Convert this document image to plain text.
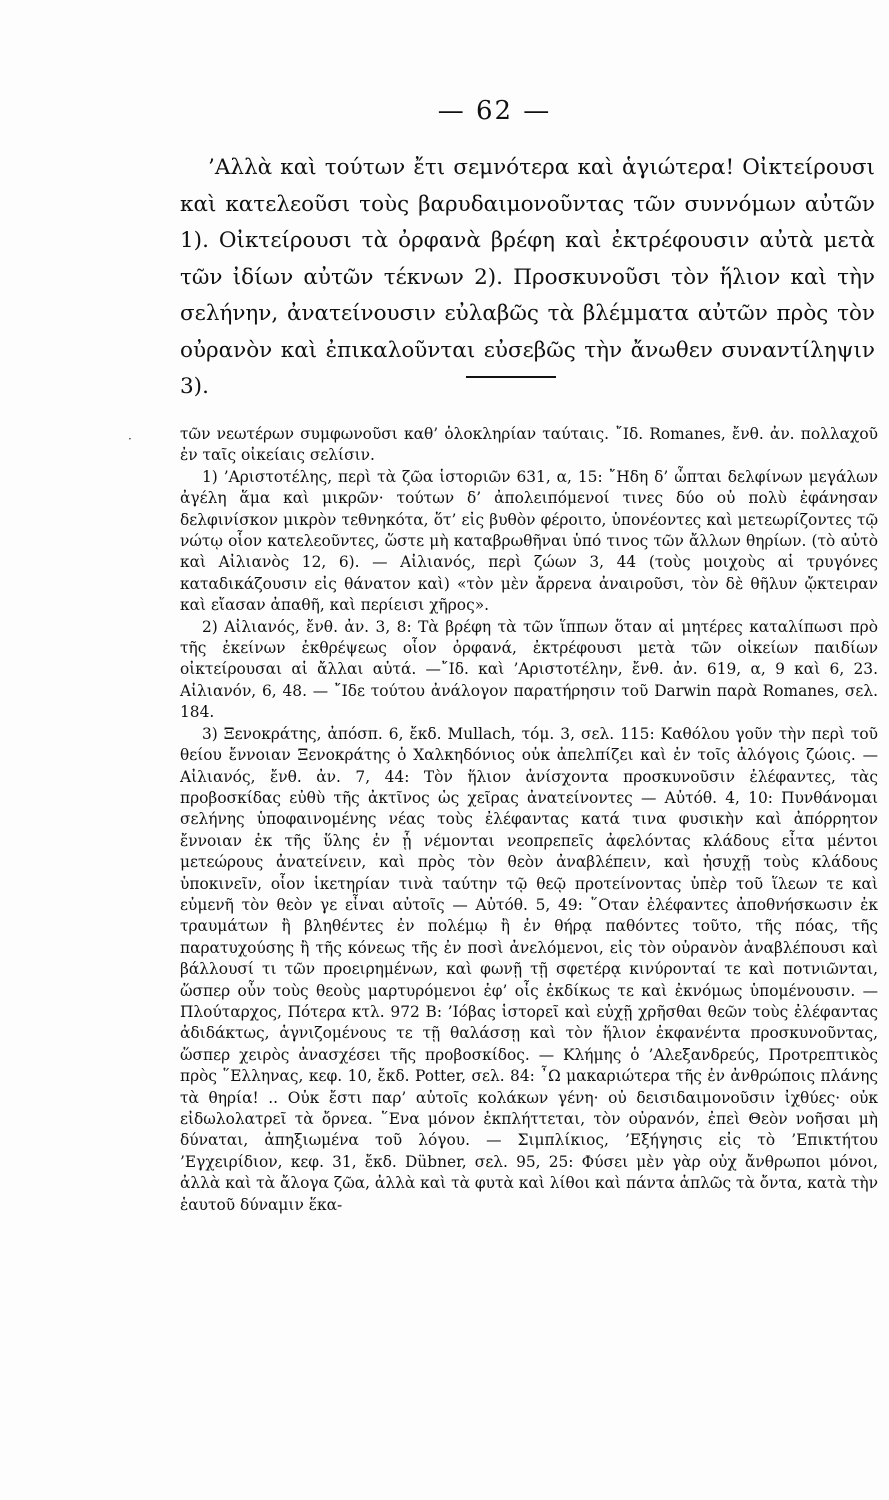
— 62 —

’Αλλὰ καὶ τούτων ἔτι σεμνότερα καὶ ἁγιώτερα! Οἰκτείρουσι καὶ κατελεοῦσι τοὺς βαρυδαιμονοῦντας τῶν συννόμων αὐτῶν 1). Οἰκτείρουσι τὰ ὀρφανὰ βρέφη καὶ ἐκτρέφουσιν αὐτὰ μετὰ τῶν ἰδίων αὐτῶν τέκνων 2). Προσκυνοῦσι τὸν ἥλιον καὶ τὴν σελήνην, ἀνατείνουσιν εὐλαβῶς τὰ βλέμματα αὐτῶν πρὸς τὸν οὐρανὸν καὶ ἐπικαλοῦνται εὐσεβῶς τὴν ἄνωθεν συναντίληψιν 3).

·	τῶν νεωτέρων συμφωνοῦσι καθ’ ὁλοκληρίαν ταύταις. ῎Ιδ. Romanes, ἔνθ. ἀν. πολλαχοῦ ἐν ταῖς οἰκείαις σελίσιν.

1) ’Αριστοτέλης, περὶ τὰ ζῶα ἱστοριῶν 631, α, 15: ῎Ηδη δ’ ὦπται δελφίνων μεγάλων ἀγέλη ἅμα καὶ μικρῶν· τούτων δ’ ἀπολειπόμενοί τινες δύο οὐ πολὺ ἐφάνησαν δελφινίσκον μικρὸν τεθνηκότα, ὅτ’ εἰς βυθὸν φέροιτο, ὑπονέοντες καὶ μετεωρίζοντες τῷ νώτῳ οἷον κατελεοῦντες, ὥστε μὴ καταβρωθῆναι ὑπό τινος τῶν ἄλλων θηρίων. (τὸ αὐτὸ καὶ Αἰλιανὸς 12, 6). — Αἰλιανός, περὶ ζώων 3, 44 (τοὺς μοιχοὺς αἱ τρυγόνες καταδικάζουσιν εἰς θάνατον καὶ) «τὸν μὲν ἄρρενα ἀναιροῦσι, τὸν δὲ θῆλυν ᾤκτειραν καὶ εἴασαν ἀπαθῆ, καὶ περίεισι χῆρος».

2) Αἰλιανός, ἔνθ. ἀν. 3, 8: Τὰ βρέφη τὰ τῶν ἵππων ὅταν αἱ μητέρες καταλίπωσι πρὸ τῆς ἐκείνων ἐκθρέψεως οἷον ὀρφανά, ἐκτρέφουσι μετὰ τῶν οἰκείων παιδίων οἰκτείρουσαι αἱ ἄλλαι αὐτά. —῎Ιδ. καὶ ’Αριστοτέλην, ἔνθ. ἀν. 619, α, 9 καὶ 6, 23. Αἰλιανόν, 6, 48. — ῎Ιδε τούτου ἀνάλογον παρατήρησιν τοῦ Darwin παρὰ Romanes, σελ. 184.

3) Ξενοκράτης, ἀπόσπ. 6, ἔκδ. Mullach, τόμ. 3, σελ. 115: Καθόλου γοῦν τὴν περὶ τοῦ θείου ἔννοιαν Ξενοκράτης ὁ Χαλκηδόνιος οὐκ ἀπελπίζει καὶ ἐν τοῖς ἀλόγοις ζώοις. — Αἰλιανός, ἔνθ. ἀν. 7, 44: Τὸν ἥλιον ἀνίσχοντα προσκυνοῦσιν ἐλέφαντες, τὰς προβοσκίδας εὐθὺ τῆς ἀκτῖνος ὡς χεῖρας ἀνατείνοντες — Αὐτόθ. 4, 10: Πυνθάνομαι σελήνης ὑποφαινομένης νέας τοὺς ἐλέφαντας κατά τινα φυσικὴν καὶ ἀπόρρητον ἔννοιαν ἐκ τῆς ὕλης ἐν ᾗ νέμονται νεοπρεπεῖς ἀφελόντας κλάδους εἶτα μέντοι μετεώρους ἀνατείνειν, καὶ πρὸς τὸν θεὸν ἀναβλέπειν, καὶ ἡσυχῇ τοὺς κλάδους ὑποκινεῖν, οἷον ἱκετηρίαν τινὰ ταύτην τῷ θεῷ προτείνοντας ὑπὲρ τοῦ ἵλεων τε καὶ εὐμενῆ τὸν θεὸν γε εἶναι αὐτοῖς — Αὐτόθ. 5, 49: ῞Οταν ἐλέφαντες ἀποθνήσκωσιν ἐκ τραυμάτων ἢ βληθέντες ἐν πολέμῳ ἢ ἐν θήρᾳ παθόντες τοῦτο, τῆς πόας, τῆς παρατυχούσης ἢ τῆς κόνεως τῆς ἐν ποσὶ ἀνελόμενοι, εἰς τὸν οὐρανὸν ἀναβλέπουσι καὶ βάλλουσί τι τῶν προειρημένων, καὶ φωνῇ τῇ σφετέρᾳ κινύρονταί τε καὶ ποτνιῶνται, ὥσπερ οὖν τοὺς θεοὺς μαρτυρόμενοι ἐφ’ οἷς ἐκδίκως τε καὶ ἐκνόμως ὑπομένουσιν. — Πλούταρχος, Πότερα κτλ. 972 B: ’Ιόβας ἱστορεῖ καὶ εὐχῇ χρῆσθαι θεῶν τοὺς ἐλέφαντας ἀδιδάκτως, ἁγνιζομένους τε τῇ θαλάσσῃ καὶ τὸν ἥλιον ἐκφανέντα προσκυνοῦντας, ὥσπερ χειρὸς ἀνασχέσει τῆς προβοσκίδος. — Κλήμης ὁ ’Αλεξανδρεύς, Προτρεπτικὸς πρὸς ῞Ελληνας, κεφ. 10, ἔκδ. Potter, σελ. 84: ῏Ω μακαριώτερα τῆς ἐν ἀνθρώποις πλάνης τὰ θηρία! .. Οὐκ ἔστι παρ’ αὐτοῖς κολάκων γένη· οὐ δεισιδαιμονοῦσιν ἰχθύες· οὐκ εἰδωλολατρεῖ τὰ ὄρνεα. ῞Ενα μόνον ἐκπλήττεται, τὸν οὐρανόν, ἐπεὶ Θεὸν νοῆσαι μὴ δύναται, ἀπηξιωμένα τοῦ λόγου. — Σιμπλίκιος, ’Εξήγησις εἰς τὸ ’Επικτήτου ’Εγχειρίδιον, κεφ. 31, ἔκδ. Dübner, σελ. 95, 25: Φύσει μὲν γὰρ οὐχ ἄνθρωποι μόνοι, ἀλλὰ καὶ τὰ ἄλογα ζῶα, ἀλλὰ καὶ τὰ φυτὰ καὶ λίθοι καὶ πάντα ἁπλῶς τὰ ὄντα, κατὰ τὴν ἑαυτοῦ δύναμιν ἕκα-
